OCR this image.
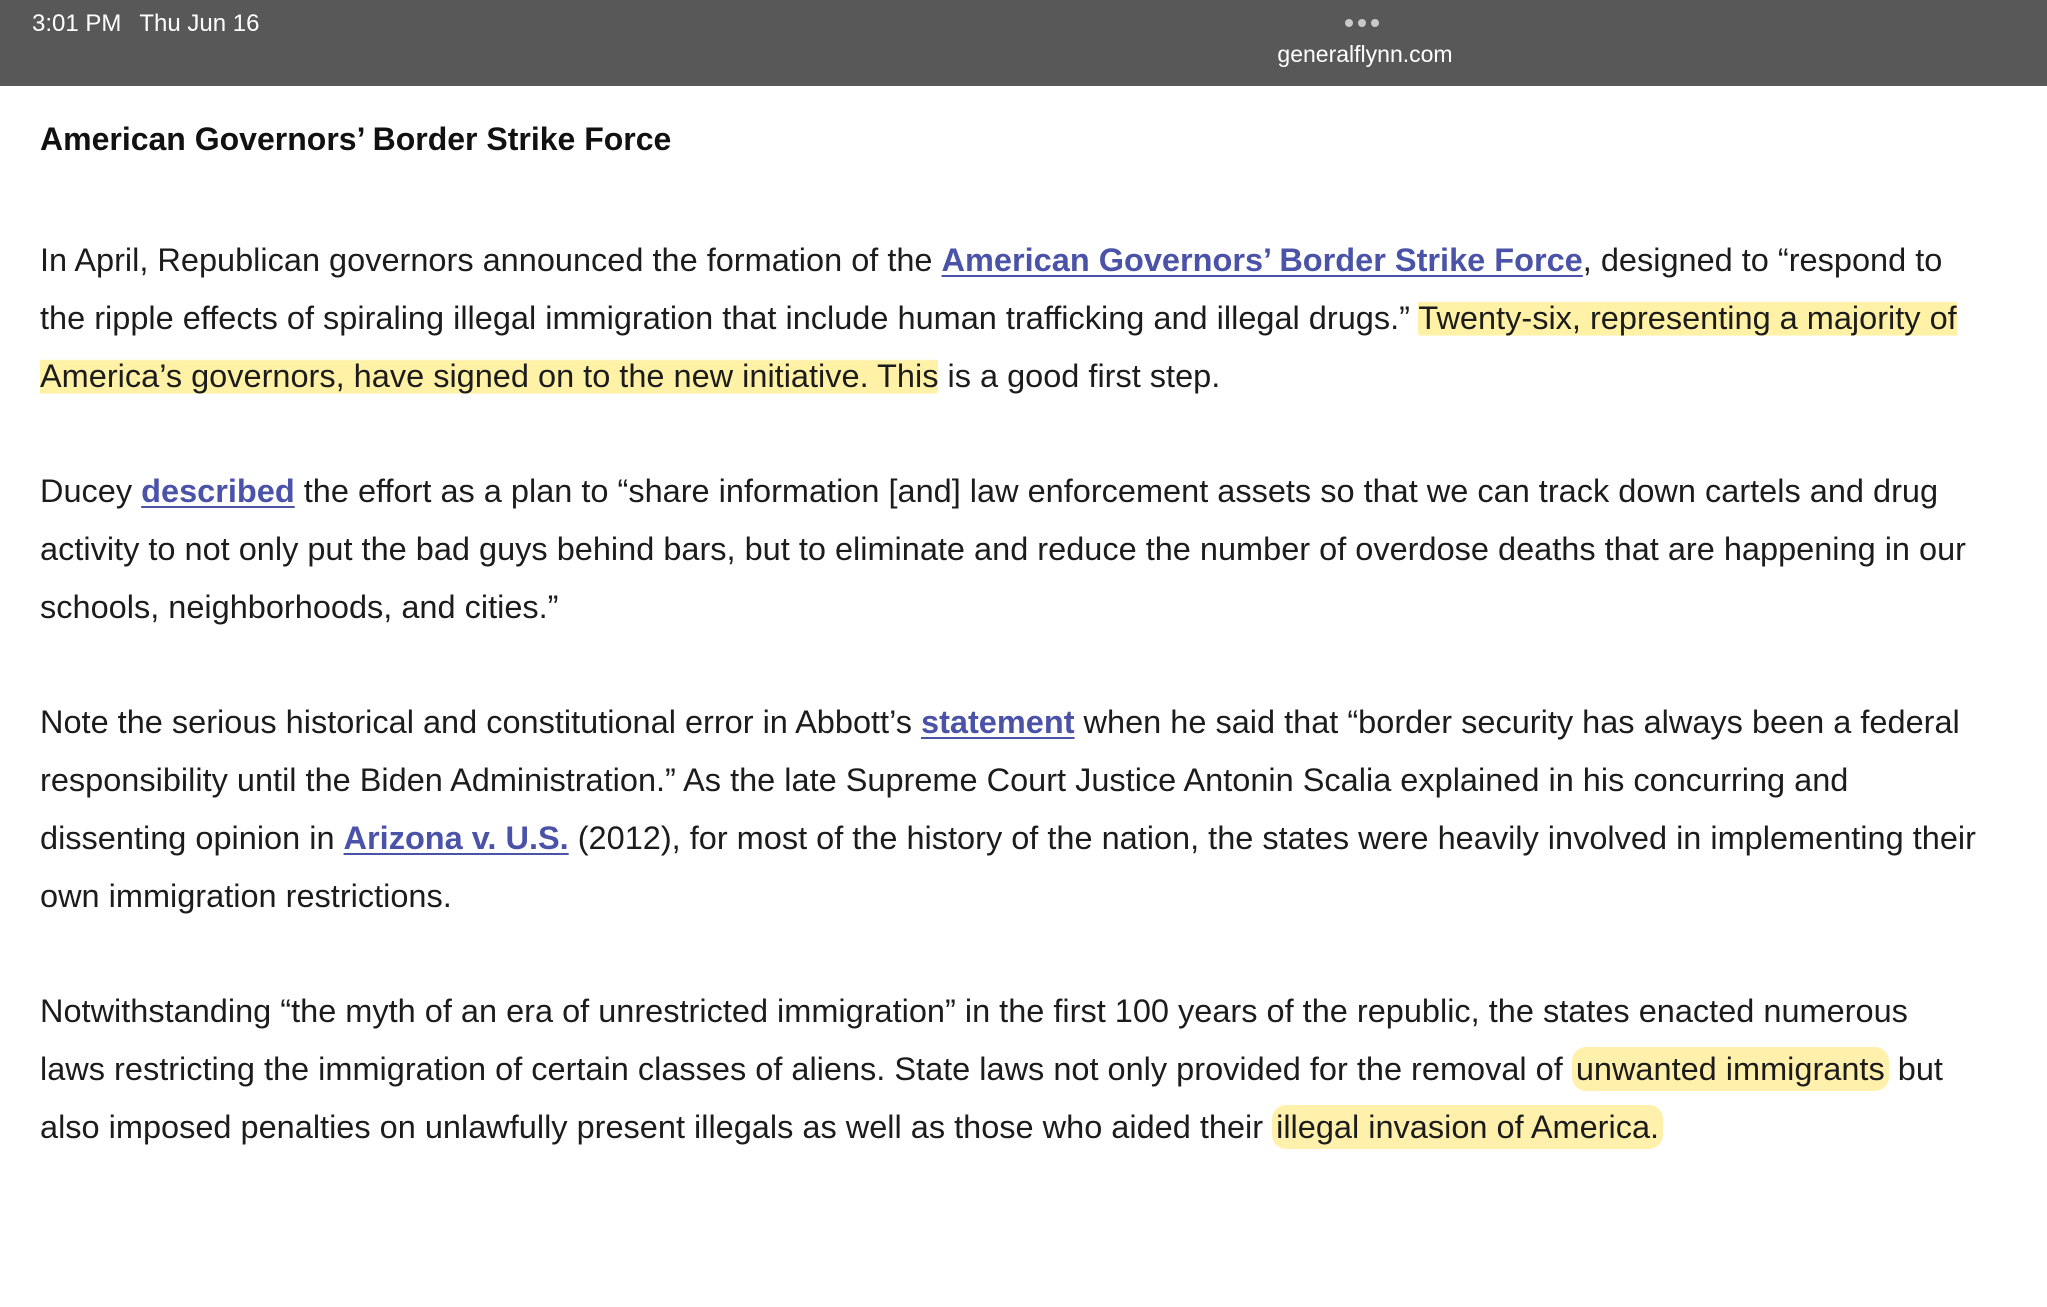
3:01 PM Thu Jun 16
generalflynn.com
American Governors’ Border Strike Force

In April, Republican governors announced the formation of the American Governors’ Border Strike Force, designed to “respond to the ripple effects of spiraling illegal immigration that include human trafficking and illegal drugs.” Twenty-six, representing a majority of America’s governors, have signed on to the new initiative. This is a good first step.

Ducey described the effort as a plan to “share information [and] law enforcement assets so that we can track down cartels and drug activity to not only put the bad guys behind bars, but to eliminate and reduce the number of overdose deaths that are happening in our schools, neighborhoods, and cities.”

Note the serious historical and constitutional error in Abbott’s statement when he said that “border security has always been a federal responsibility until the Biden Administration.” As the late Supreme Court Justice Antonin Scalia explained in his concurring and dissenting opinion in Arizona v. U.S. (2012), for most of the history of the nation, the states were heavily involved in implementing their own immigration restrictions.

Notwithstanding “the myth of an era of unrestricted immigration” in the first 100 years of the republic, the states enacted numerous laws restricting the immigration of certain classes of aliens. State laws not only provided for the removal of unwanted immigrants but also imposed penalties on unlawfully present illegals as well as those who aided their illegal invasion of America.
